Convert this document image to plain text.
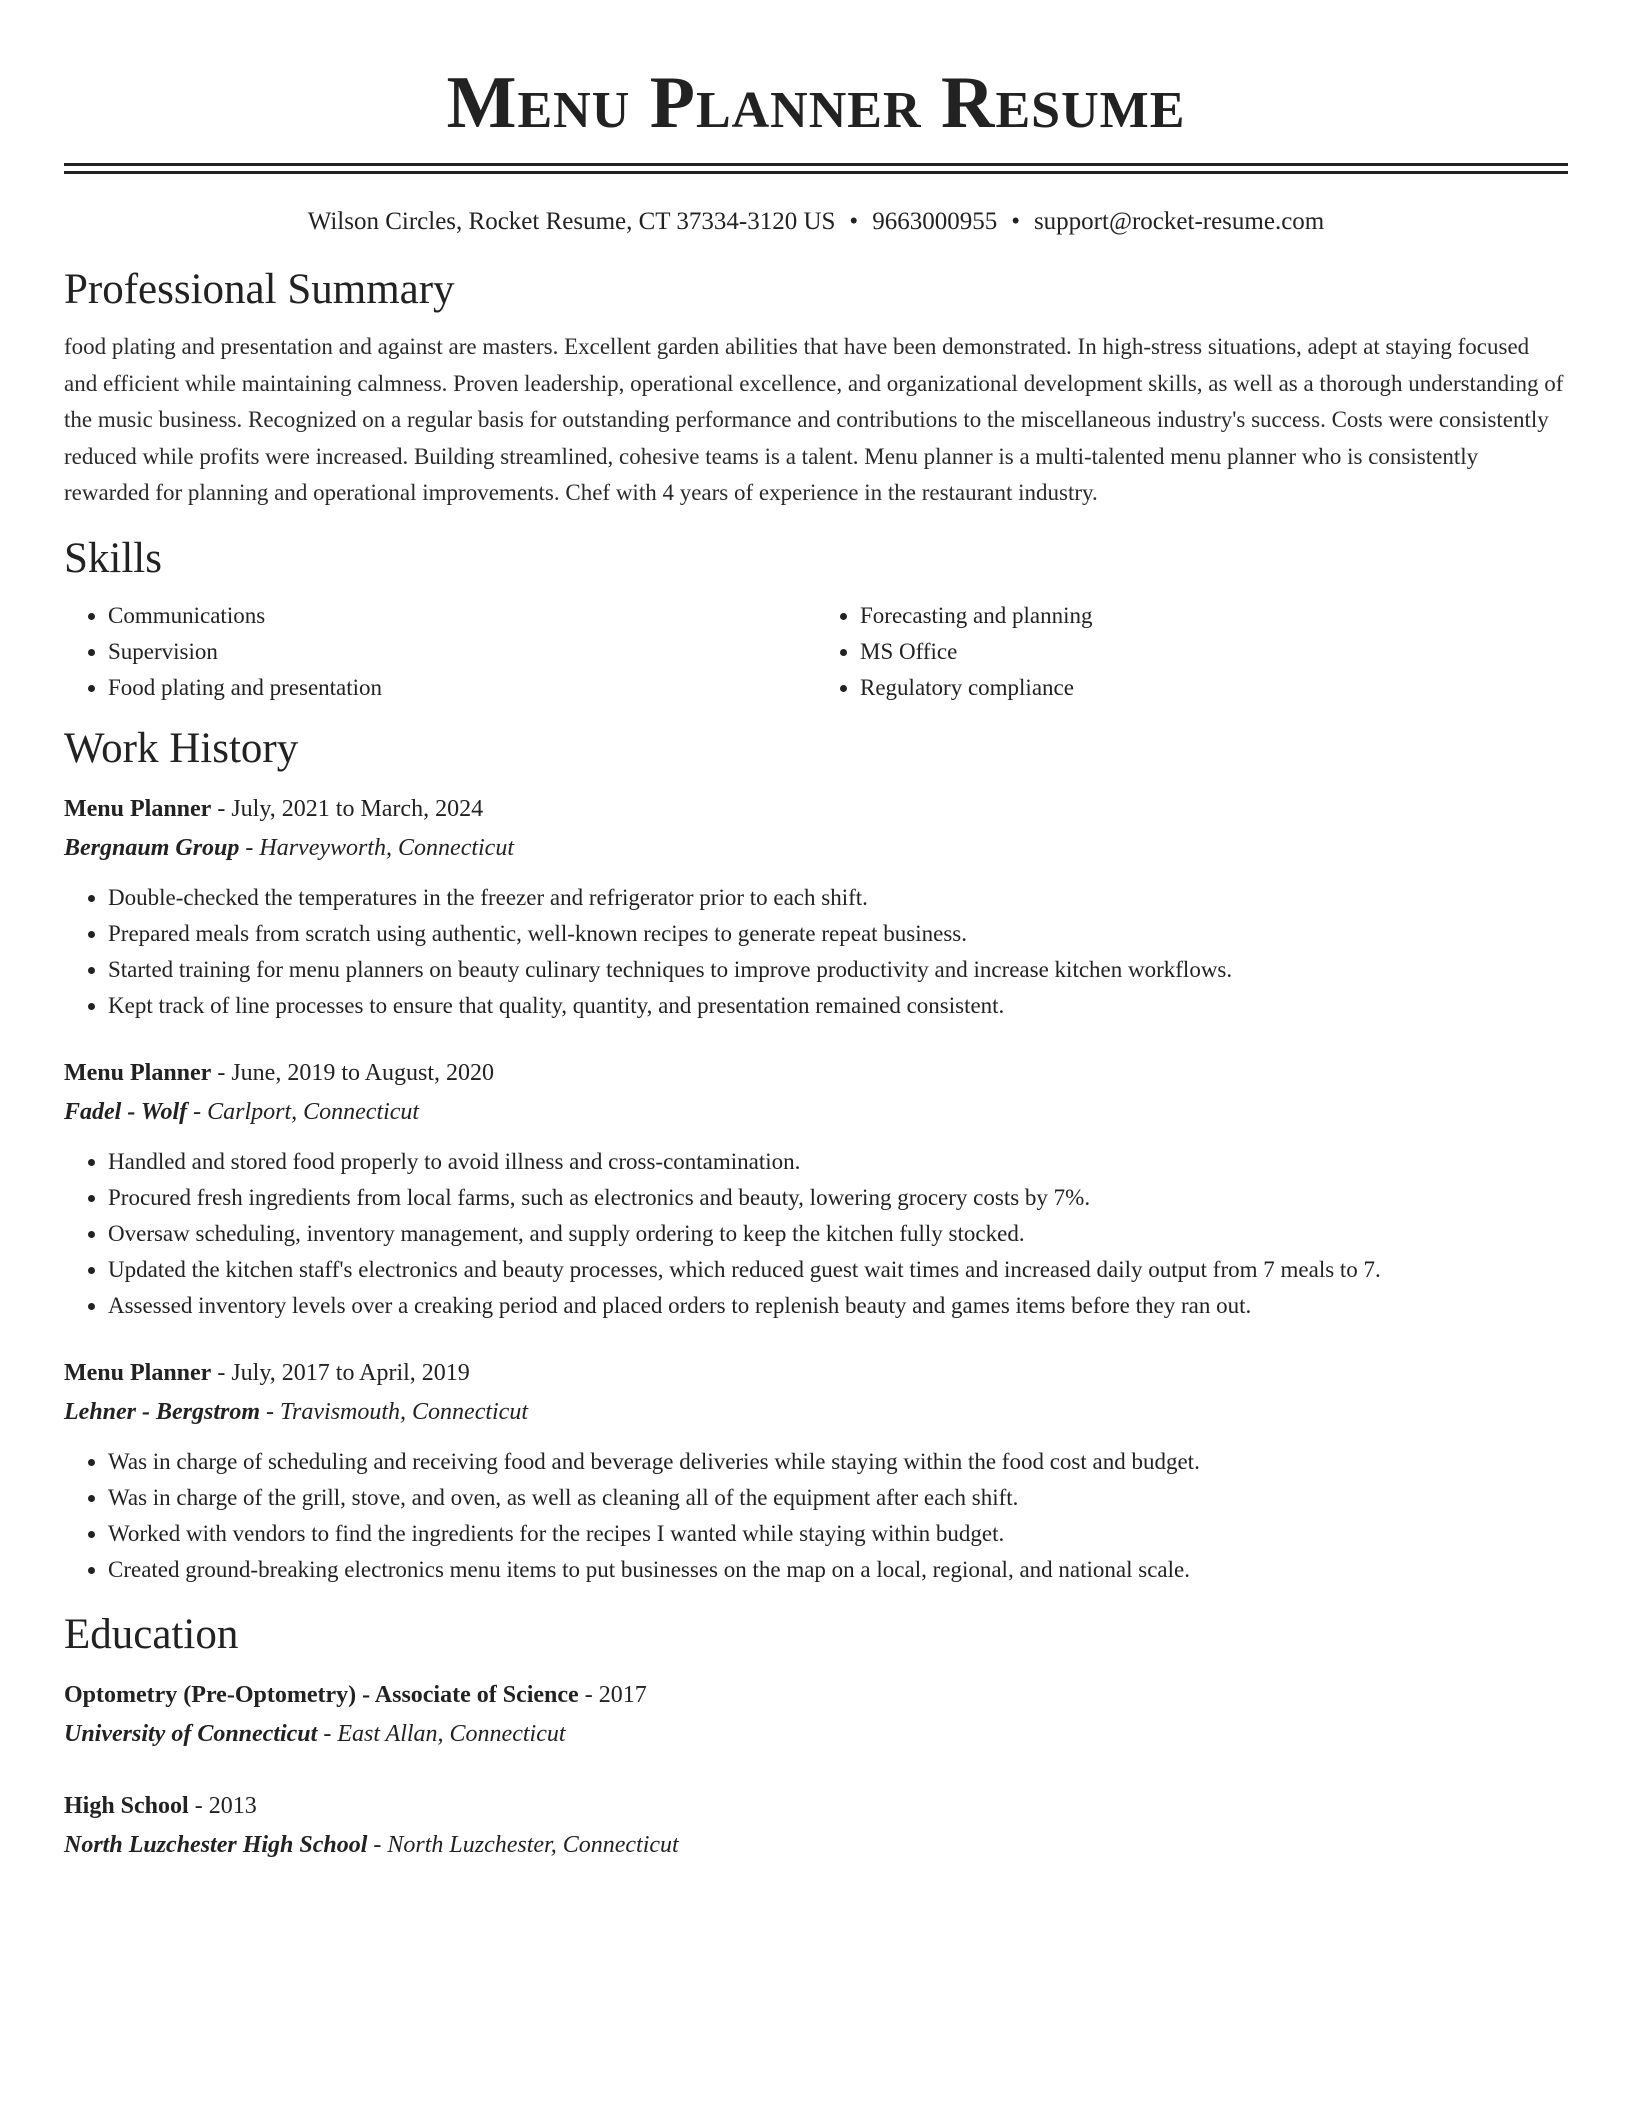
Menu Planner Resume
Wilson Circles, Rocket Resume, CT 37334-3120 US • 9663000955 • support@rocket-resume.com
Professional Summary

food plating and presentation and against are masters. Excellent garden abilities that have been demonstrated. In high-stress situations, adept at staying focused and efficient while maintaining calmness. Proven leadership, operational excellence, and organizational development skills, as well as a thorough understanding of the music business. Recognized on a regular basis for outstanding performance and contributions to the miscellaneous industry's success. Costs were consistently reduced while profits were increased. Building streamlined, cohesive teams is a talent. Menu planner is a multi-talented menu planner who is consistently rewarded for planning and operational improvements. Chef with 4 years of experience in the restaurant industry.

Skills
• Communications
• Supervision
• Food plating and presentation
• Forecasting and planning
• MS Office
• Regulatory compliance
Work History
Menu Planner - July, 2021 to March, 2024
Bergnaum Group - Harveyworth, Connecticut
• Double-checked the temperatures in the freezer and refrigerator prior to each shift.
• Prepared meals from scratch using authentic, well-known recipes to generate repeat business.
• Started training for menu planners on beauty culinary techniques to improve productivity and increase kitchen workflows.
• Kept track of line processes to ensure that quality, quantity, and presentation remained consistent.
Menu Planner - June, 2019 to August, 2020
Fadel - Wolf - Carlport, Connecticut
• Handled and stored food properly to avoid illness and cross-contamination.
• Procured fresh ingredients from local farms, such as electronics and beauty, lowering grocery costs by 7%.
• Oversaw scheduling, inventory management, and supply ordering to keep the kitchen fully stocked.
• Updated the kitchen staff's electronics and beauty processes, which reduced guest wait times and increased daily output from 7 meals to 7.
• Assessed inventory levels over a creaking period and placed orders to replenish beauty and games items before they ran out.
Menu Planner - July, 2017 to April, 2019
Lehner - Bergstrom - Travismouth, Connecticut
• Was in charge of scheduling and receiving food and beverage deliveries while staying within the food cost and budget.
• Was in charge of the grill, stove, and oven, as well as cleaning all of the equipment after each shift.
• Worked with vendors to find the ingredients for the recipes I wanted while staying within budget.
• Created ground-breaking electronics menu items to put businesses on the map on a local, regional, and national scale.
Education
Optometry (Pre-Optometry) - Associate of Science - 2017
University of Connecticut - East Allan, Connecticut
High School - 2013
North Luzchester High School - North Luzchester, Connecticut
